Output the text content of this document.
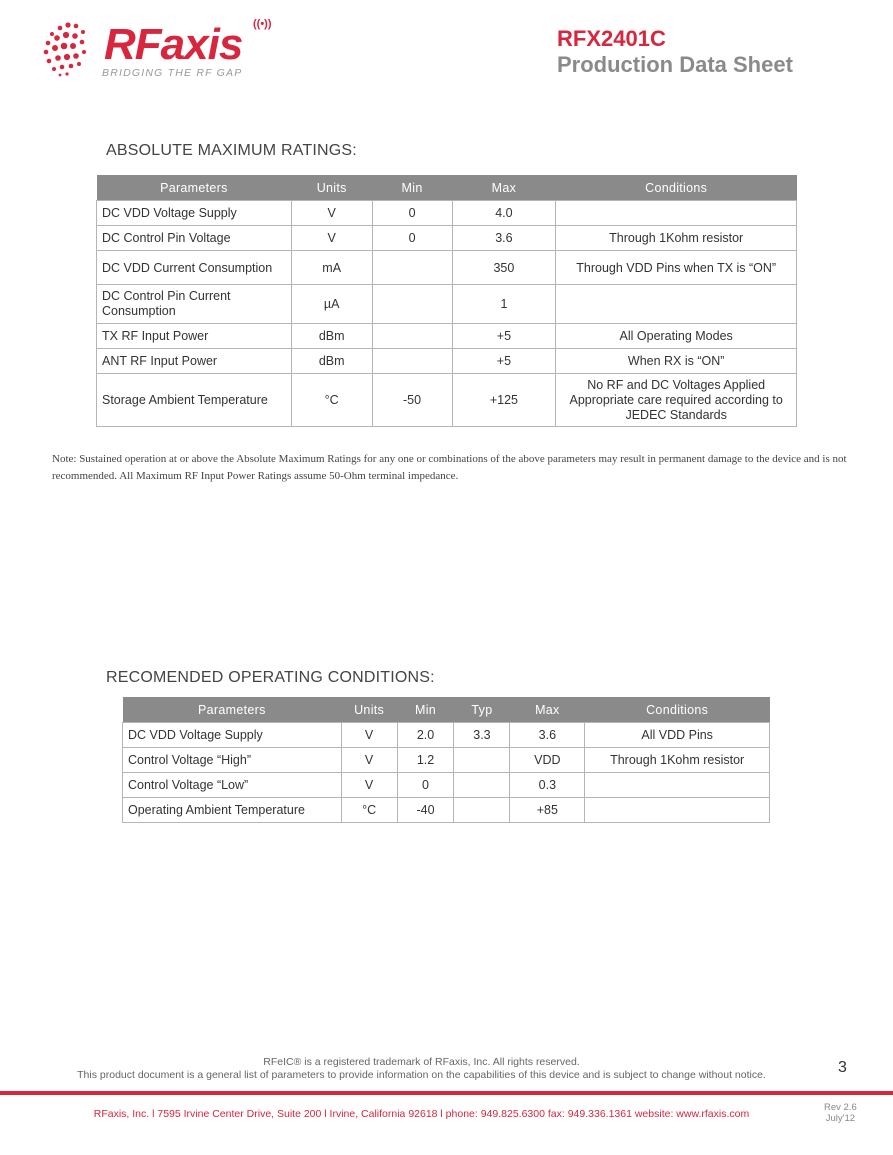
RFaxis ((•))
BRIDGING THE RF GAP
RFX2401C
Production Data Sheet
ABSOLUTE MAXIMUM RATINGS:
Parameters	Units	Min	Max	Conditions
DC VDD Voltage Supply	V	0	4.0	
DC Control Pin Voltage	V	0	3.6	Through 1Kohm resistor
DC VDD Current Consumption	mA		350	Through VDD Pins when TX is “ON”
DC Control Pin Current Consumption	µA		1	
TX RF Input Power	dBm		+5	All Operating Modes
ANT RF Input Power	dBm		+5	When RX is “ON”
Storage Ambient Temperature	°C	-50	+125	No RF and DC Voltages Applied Appropriate care required according to JEDEC Standards
Note: Sustained operation at or above the Absolute Maximum Ratings for any one or combinations of the above parameters may result in permanent damage to the device and is not recommended. All Maximum RF Input Power Ratings assume 50-Ohm terminal impedance.
RECOMENDED OPERATING CONDITIONS:
Parameters	Units	Min	Typ	Max	Conditions
DC VDD Voltage Supply	V	2.0	3.3	3.6	All VDD Pins
Control Voltage “High”	V	1.2		VDD	Through 1Kohm resistor
Control Voltage “Low”	V	0		0.3	
Operating Ambient Temperature	°C	-40		+85	
RFeIC® is a registered trademark of RFaxis, Inc. All rights reserved.
This product document is a general list of parameters to provide information on the capabilities of this device and is subject to change without notice.	3
RFaxis, Inc. l 7595 Irvine Center Drive, Suite 200 l Irvine, California 92618 l phone: 949.825.6300 fax: 949.336.1361 website: www.rfaxis.com
Rev 2.6
July'12
